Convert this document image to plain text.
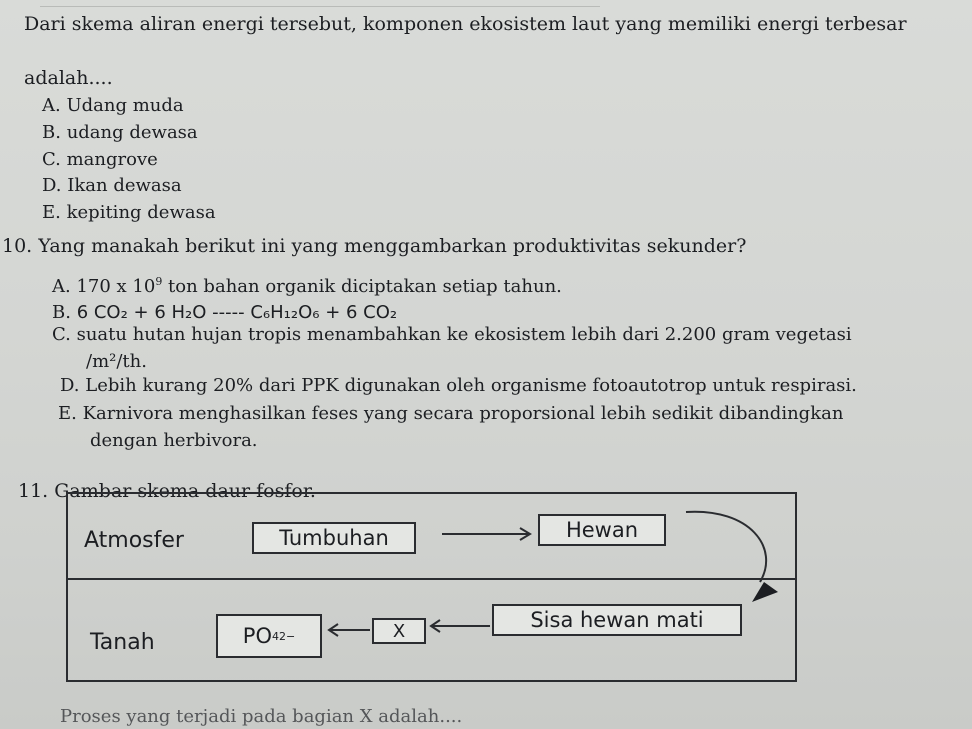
Dari skema aliran energi tersebut, komponen ekosistem laut yang memiliki energi terbesar
adalah....
A. Udang muda
B. udang dewasa
C. mangrove
D. Ikan dewasa
E. kepiting dewasa
10. Yang manakah berikut ini yang menggambarkan produktivitas sekunder?
A. 170 x $10^9$ ton bahan organik diciptakan setiap tahun.
B. 6 CO₂ + 6 H₂O ----- C₆H₁₂O₆ + 6 CO₂
C. suatu hutan hujan tropis menambahkan ke ekosistem lebih dari 2.200 gram vegetasi
/m²/th.
D. Lebih kurang 20% dari PPK digunakan oleh organisme fotoautotrop untuk respirasi.
E. Karnivora menghasilkan feses yang secara proporsional lebih sedikit dibandingkan
dengan herbivora.
11. Gambar skema daur fosfor.
Atmosfer	Tumbuhan	Hewan
Tanah	PO 4 2−	X	Sisa hewan mati
Proses yang terjadi pada bagian X adalah....
